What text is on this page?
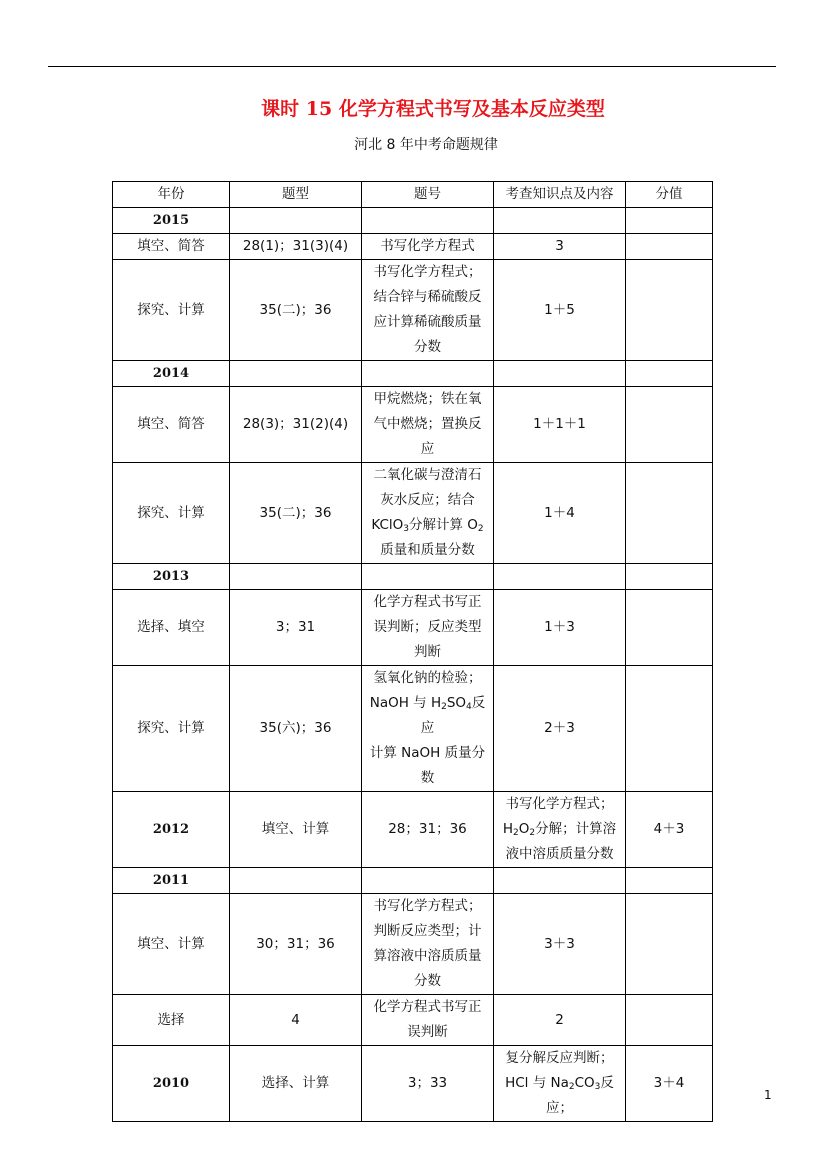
课时 15 化学方程式书写及基本反应类型
河北 8 年中考命题规律
年份	题型	题号	考查知识点及内容	分值
2015				
填空、简答	28(1)；31(3)(4)	书写化学方程式	3	
探究、计算	35(二)；36	书写化学方程式；
结合锌与稀硫酸反
应计算稀硫酸质量
分数	1＋5	
2014				
填空、简答	28(3)；31(2)(4)	甲烷燃烧；铁在氧
气中燃烧；置换反
应	1＋1＋1	
探究、计算	35(二)；36	二氧化碳与澄清石
灰水反应；结合
KClO$_3$分解计算 $O_2$
质量和质量分数	1＋4	
2013				
选择、填空	3；31	化学方程式书写正
误判断；反应类型
判断	1＋3	
探究、计算	35(六)；36	氢氧化钠的检验；
NaOH 与 $H_2SO_4$反应
计算 NaOH 质量分
数	2＋3	
2012	填空、计算	28；31；36	书写化学方程式；
$H_2O_2$分解；计算溶
液中溶质质量分数	4＋3
2011				
填空、计算	30；31；36	书写化学方程式；
判断反应类型；计
算溶液中溶质质量
分数	3＋3	
选择	4	化学方程式书写正
误判断	2	
2010	选择、计算	3；33	复分解反应判断；
HCl 与 $Na_2CO_3$反应；	3＋4
1
